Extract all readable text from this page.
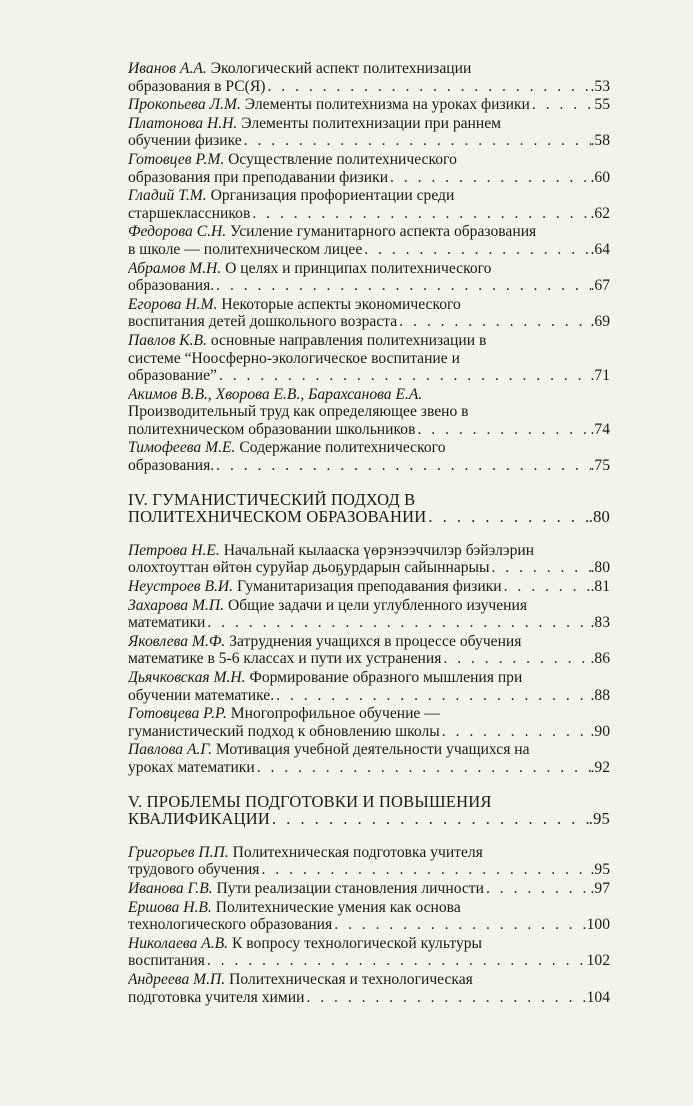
Иванов А.А. Экологический аспект политехнизации
образования в РС(Я) . . .	.53
Прокопьева Л.М. Элементы политехнизма на уроках физики . . .	55
Платонова Н.Н. Элементы политехнизации при раннем
обучении физике . . .	.58
Готовцев Р.М. Осуществление политехнического
образования при преподавании физики . . .	.60
Гладий Т.М. Организация профориентации среди
старшеклассников . . .	.62
Федорова С.Н. Усиление гуманитарного аспекта образования
в школе — политехническом лицее . . .	.64
Абрамов М.Н. О целях и принципах политехнического
образования. . . .	.67
Егорова Н.М. Некоторые аспекты экономического
воспитания детей дошкольного возраста . . .	.69
Павлов К.В. основные направления политехнизации в
системе “Ноосферно-экологическое воспитание и
образование” . . .	.71
Акимов В.В., Хворова Е.В., Барахсанова Е.А.
Производительный труд как определяющее звено в
политехническом образовании школьников . . .	.74
Тимофеева М.Е. Содержание политехнического
образования. . . .	.75
IV. ГУМАНИСТИЧЕСКИЙ ПОДХОД В
ПОЛИТЕХНИЧЕСКОМ ОБРАЗОВАНИИ . . .	.80
Петрова Н.Е. Начальнай кылааска үөрэнээччилэр бэйэлэрин
олохтоуттан өйтөн суруйар дьоҕурдарын сайыннарыы . . .	.80
Неустроев В.И. Гуманитаризация преподавания физики . . .	.81
Захарова М.П. Общие задачи и цели углубленного изучения
математики . . .	.83
Яковлева М.Ф. Затруднения учащихся в процессе обучения
математике в 5-6 классах и пути их устранения . . .	.86
Дьячковская М.Н. Формирование образного мышления при
обучении математике. . . .	.88
Готовцева Р.Р. Многопрофильное обучение —
гуманистический подход к обновлению школы . . .	.90
Павлова А.Г. Мотивация учебной деятельности учащихся на
уроках математики . . .	.92
V. ПРОБЛЕМЫ ПОДГОТОВКИ И ПОВЫШЕНИЯ
КВАЛИФИКАЦИИ . . .	.95
Григорьев П.П. Политехническая подготовка учителя
трудового обучения . . .	.95
Иванова Г.В. Пути реализации становления личности . . .	.97
Ершова Н.В. Политехнические умения как основа
технологического образования . . .	100
Николаева А.В. К вопросу технологической культуры
воспитания . . .	102
Андреева М.П. Политехническая и технологическая
подготовка учителя химии . . .	104
